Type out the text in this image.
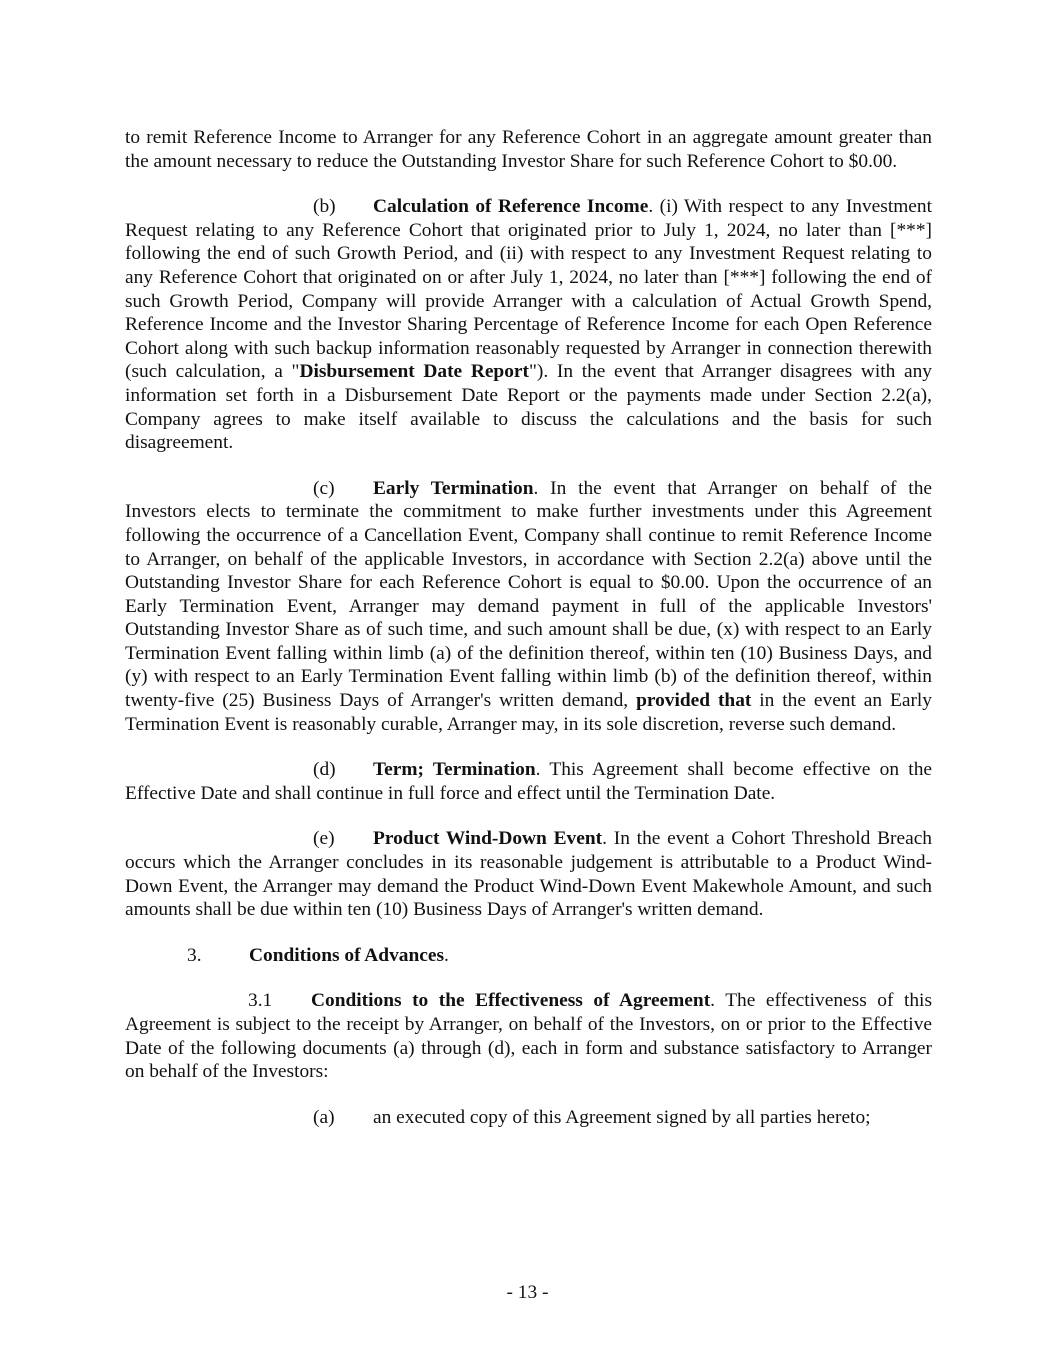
to remit Reference Income to Arranger for any Reference Cohort in an aggregate amount greater than the amount necessary to reduce the Outstanding Investor Share for such Reference Cohort to $0.00.

(b) Calculation of Reference Income. (i) With respect to any Investment Request relating to any Reference Cohort that originated prior to July 1, 2024, no later than [***] following the end of such Growth Period, and (ii) with respect to any Investment Request relating to any Reference Cohort that originated on or after July 1, 2024, no later than [***] following the end of such Growth Period, Company will provide Arranger with a calculation of Actual Growth Spend, Reference Income and the Investor Sharing Percentage of Reference Income for each Open Reference Cohort along with such backup information reasonably requested by Arranger in connection therewith (such calculation, a "Disbursement Date Report"). In the event that Arranger disagrees with any information set forth in a Disbursement Date Report or the payments made under Section 2.2(a), Company agrees to make itself available to discuss the calculations and the basis for such disagreement.

(c) Early Termination. In the event that Arranger on behalf of the Investors elects to terminate the commitment to make further investments under this Agreement following the occurrence of a Cancellation Event, Company shall continue to remit Reference Income to Arranger, on behalf of the applicable Investors, in accordance with Section 2.2(a) above until the Outstanding Investor Share for each Reference Cohort is equal to $0.00. Upon the occurrence of an Early Termination Event, Arranger may demand payment in full of the applicable Investors' Outstanding Investor Share as of such time, and such amount shall be due, (x) with respect to an Early Termination Event falling within limb (a) of the definition thereof, within ten (10) Business Days, and (y) with respect to an Early Termination Event falling within limb (b) of the definition thereof, within twenty-five (25) Business Days of Arranger's written demand, provided that in the event an Early Termination Event is reasonably curable, Arranger may, in its sole discretion, reverse such demand.

(d) Term; Termination. This Agreement shall become effective on the Effective Date and shall continue in full force and effect until the Termination Date.

(e) Product Wind-Down Event. In the event a Cohort Threshold Breach occurs which the Arranger concludes in its reasonable judgement is attributable to a Product Wind-Down Event, the Arranger may demand the Product Wind-Down Event Makewhole Amount, and such amounts shall be due within ten (10) Business Days of Arranger's written demand.

3. Conditions of Advances.

3.1 Conditions to the Effectiveness of Agreement. The effectiveness of this Agreement is subject to the receipt by Arranger, on behalf of the Investors, on or prior to the Effective Date of the following documents (a) through (d), each in form and substance satisfactory to Arranger on behalf of the Investors:

(a) an executed copy of this Agreement signed by all parties hereto;

- 13 -
